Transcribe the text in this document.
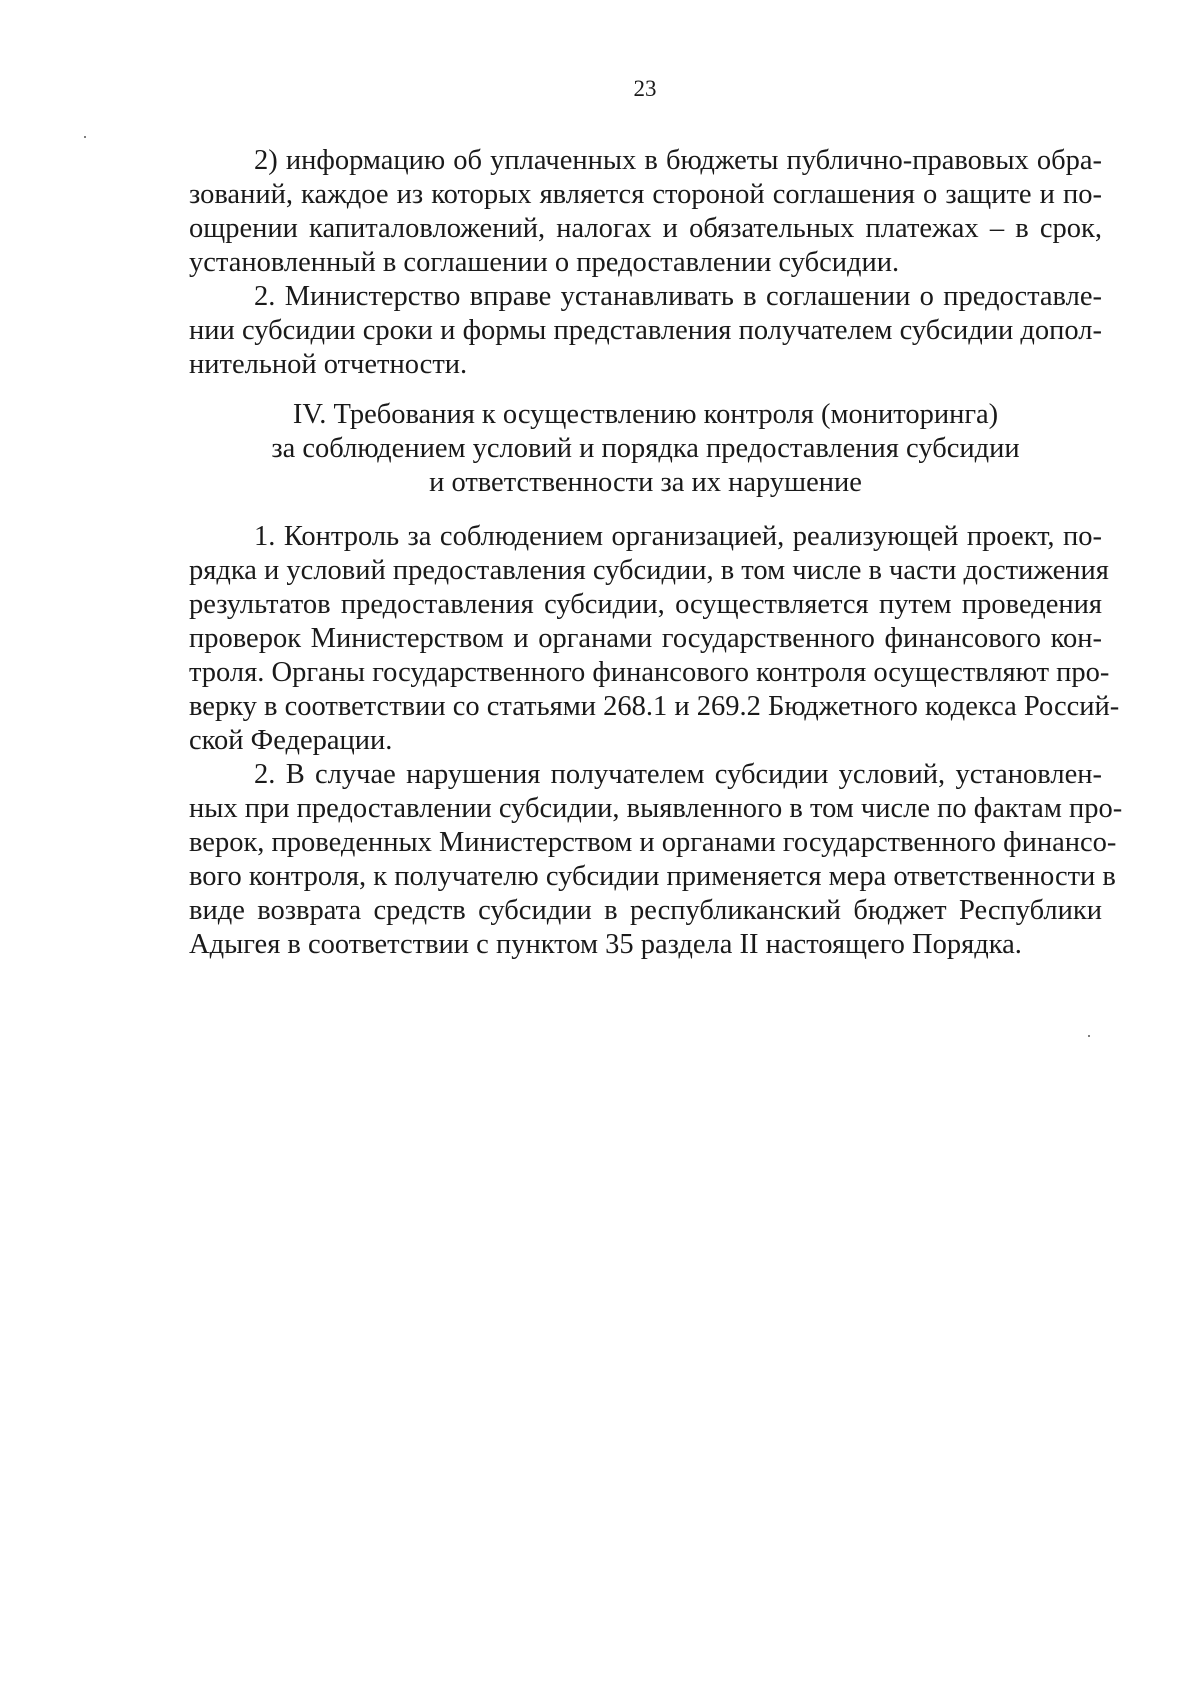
23
2) информацию об уплаченных в бюджеты публично-правовых обра-
зований, каждое из которых является стороной соглашения о защите и по-
ощрении капиталовложений, налогах и обязательных платежах – в срок,
установленный в соглашении о предоставлении субсидии.
2. Министерство вправе устанавливать в соглашении о предоставле-
нии субсидии сроки и формы представления получателем субсидии допол-
нительной отчетности.
IV. Требования к осуществлению контроля (мониторинга)
за соблюдением условий и порядка предоставления субсидии
и ответственности за их нарушение
1. Контроль за соблюдением организацией, реализующей проект, по-
рядка и условий предоставления субсидии, в том числе в части достижения
результатов предоставления субсидии, осуществляется путем проведения
проверок Министерством и органами государственного финансового кон-
троля. Органы государственного финансового контроля осуществляют про-
верку в соответствии со статьями 268.1 и 269.2 Бюджетного кодекса Россий-
ской Федерации.
2. В случае нарушения получателем субсидии условий, установлен-
ных при предоставлении субсидии, выявленного в том числе по фактам про-
верок, проведенных Министерством и органами государственного финансо-
вого контроля, к получателю субсидии применяется мера ответственности в
виде возврата средств субсидии в республиканский бюджет Республики
Адыгея в соответствии с пунктом 35 раздела II настоящего Порядка.
